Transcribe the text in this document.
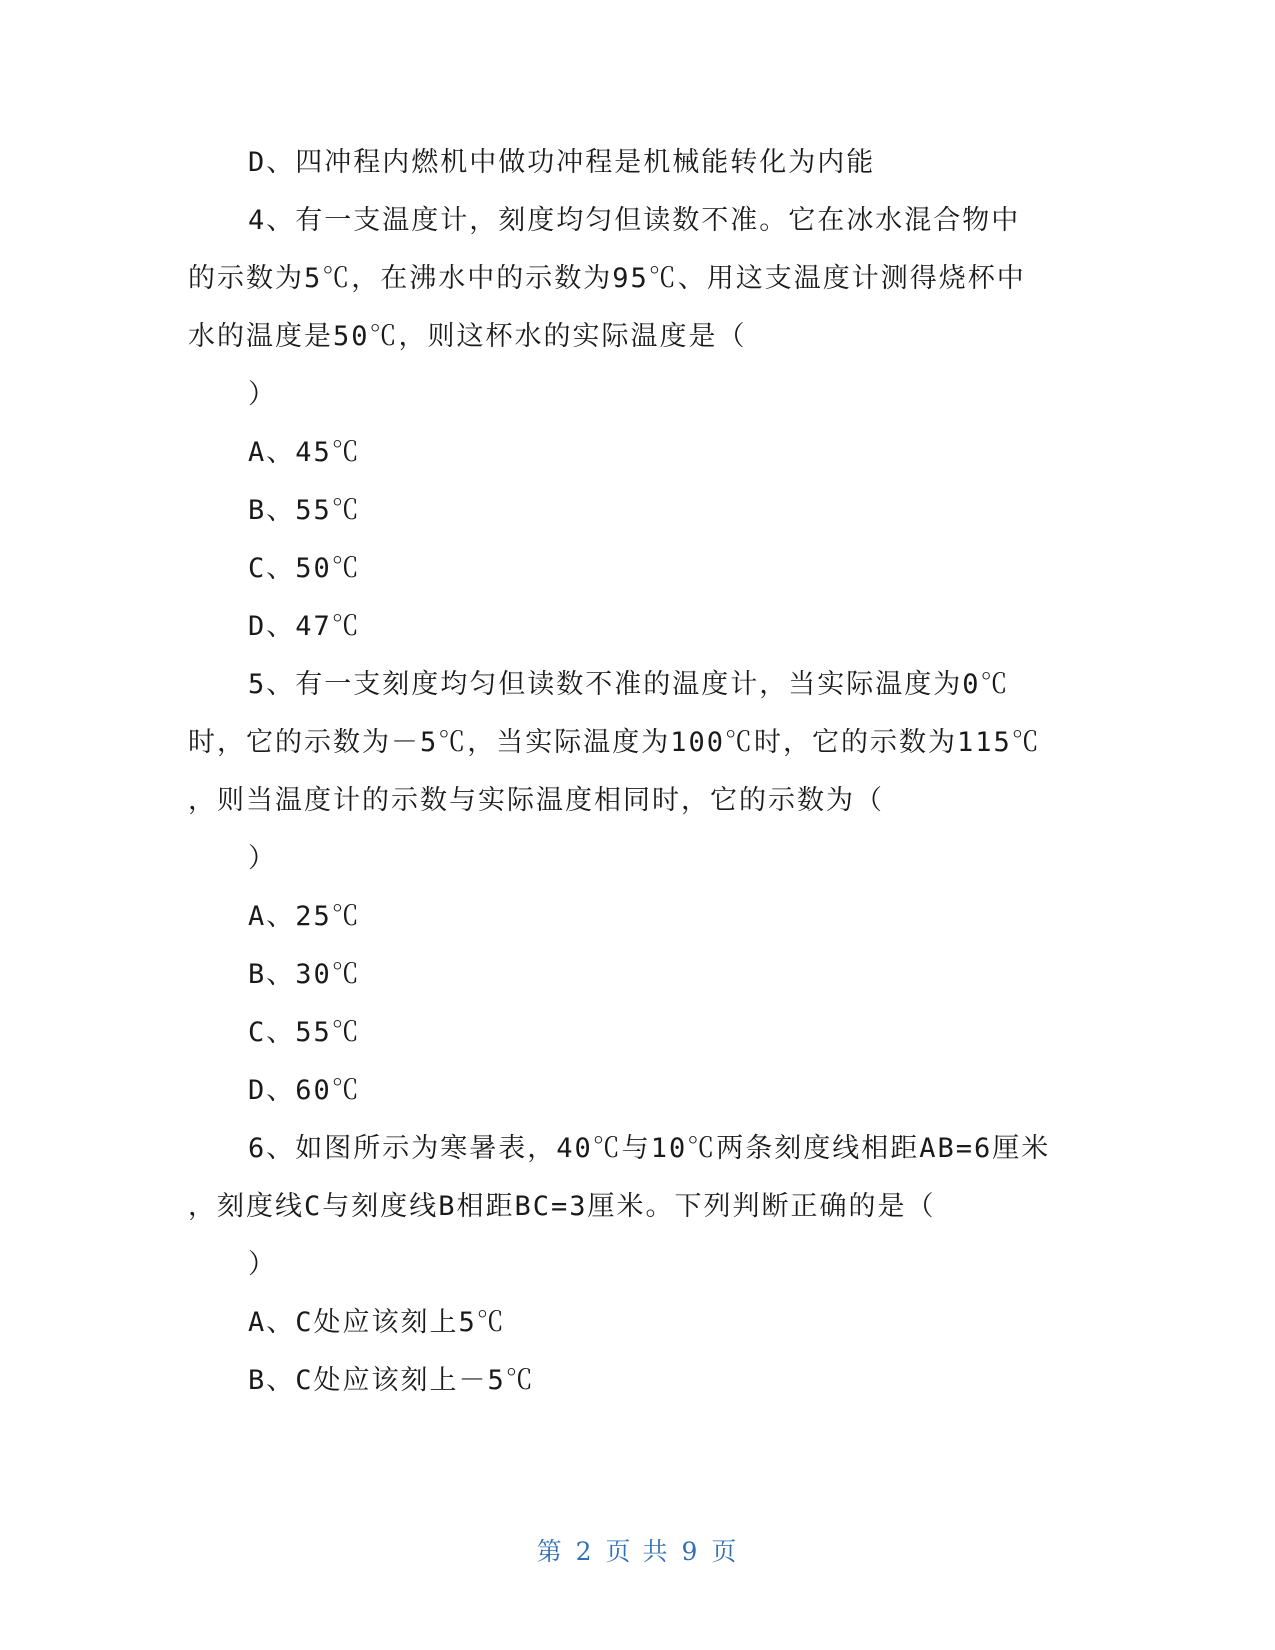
D、四冲程内燃机中做功冲程是机械能转化为内能
4、有一支温度计，刻度均匀但读数不准。它在冰水混合物中
的示数为5℃，在沸水中的示数为95℃、用这支温度计测得烧杯中
水的温度是50℃，则这杯水的实际温度是（
）
A、45℃
B、55℃
C、50℃
D、47℃
5、有一支刻度均匀但读数不准的温度计，当实际温度为0℃
时，它的示数为－5℃，当实际温度为100℃时，它的示数为115℃
，则当温度计的示数与实际温度相同时，它的示数为（
）
A、25℃
B、30℃
C、55℃
D、60℃
6、如图所示为寒暑表，40℃与10℃两条刻度线相距AB=6厘米
，刻度线C与刻度线B相距BC=3厘米。下列判断正确的是（
）
A、C处应该刻上5℃
B、C处应该刻上－5℃
第 2 页 共 9 页
